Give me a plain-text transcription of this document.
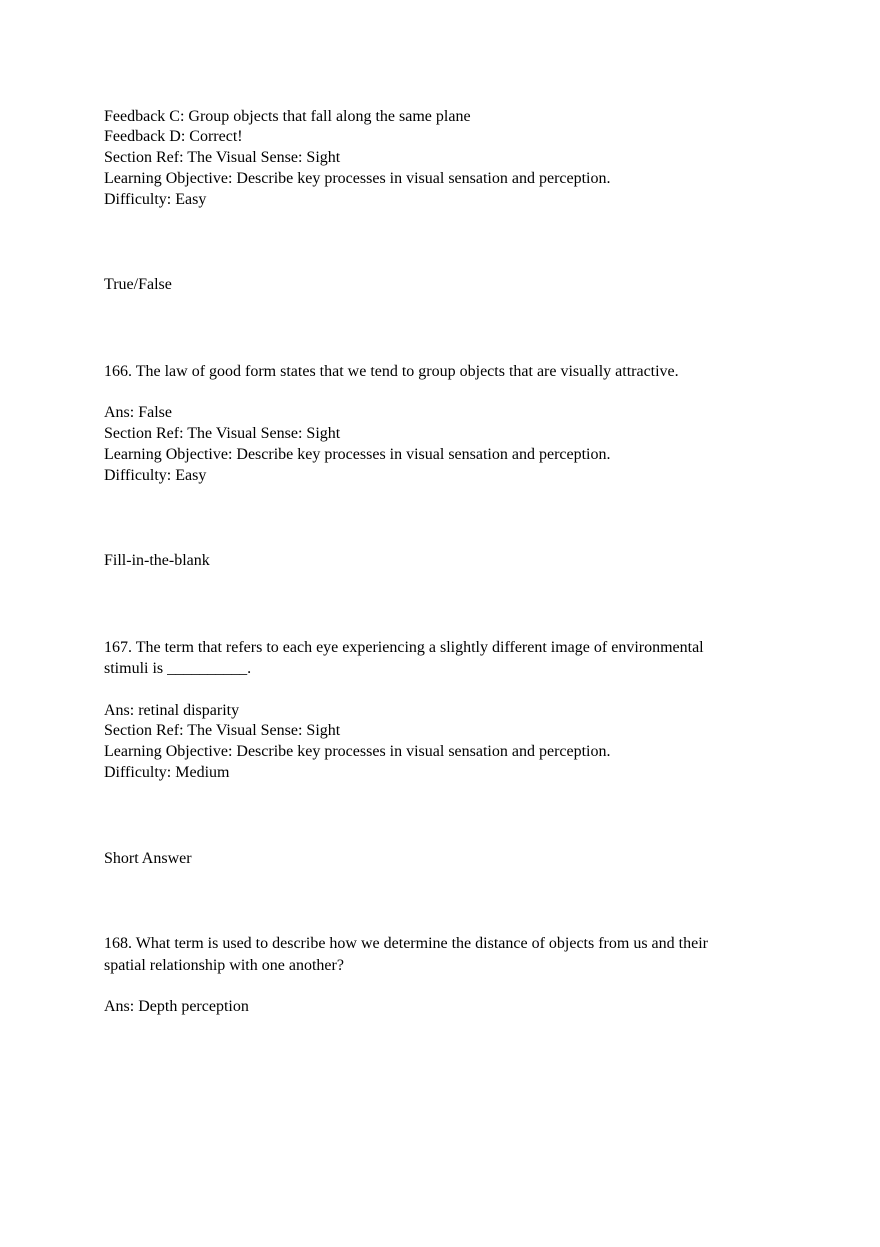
Feedback C: Group objects that fall along the same plane
Feedback D: Correct!
Section Ref: The Visual Sense: Sight
Learning Objective: Describe key processes in visual sensation and perception.
Difficulty: Easy
True/False
166. The law of good form states that we tend to group objects that are visually attractive.
Ans: False
Section Ref: The Visual Sense: Sight
Learning Objective: Describe key processes in visual sensation and perception.
Difficulty: Easy
Fill-in-the-blank
167. The term that refers to each eye experiencing a slightly different image of environmental
stimuli is __________.
Ans: retinal disparity
Section Ref: The Visual Sense: Sight
Learning Objective: Describe key processes in visual sensation and perception.
Difficulty: Medium
Short Answer
168. What term is used to describe how we determine the distance of objects from us and their
spatial relationship with one another?
Ans: Depth perception
